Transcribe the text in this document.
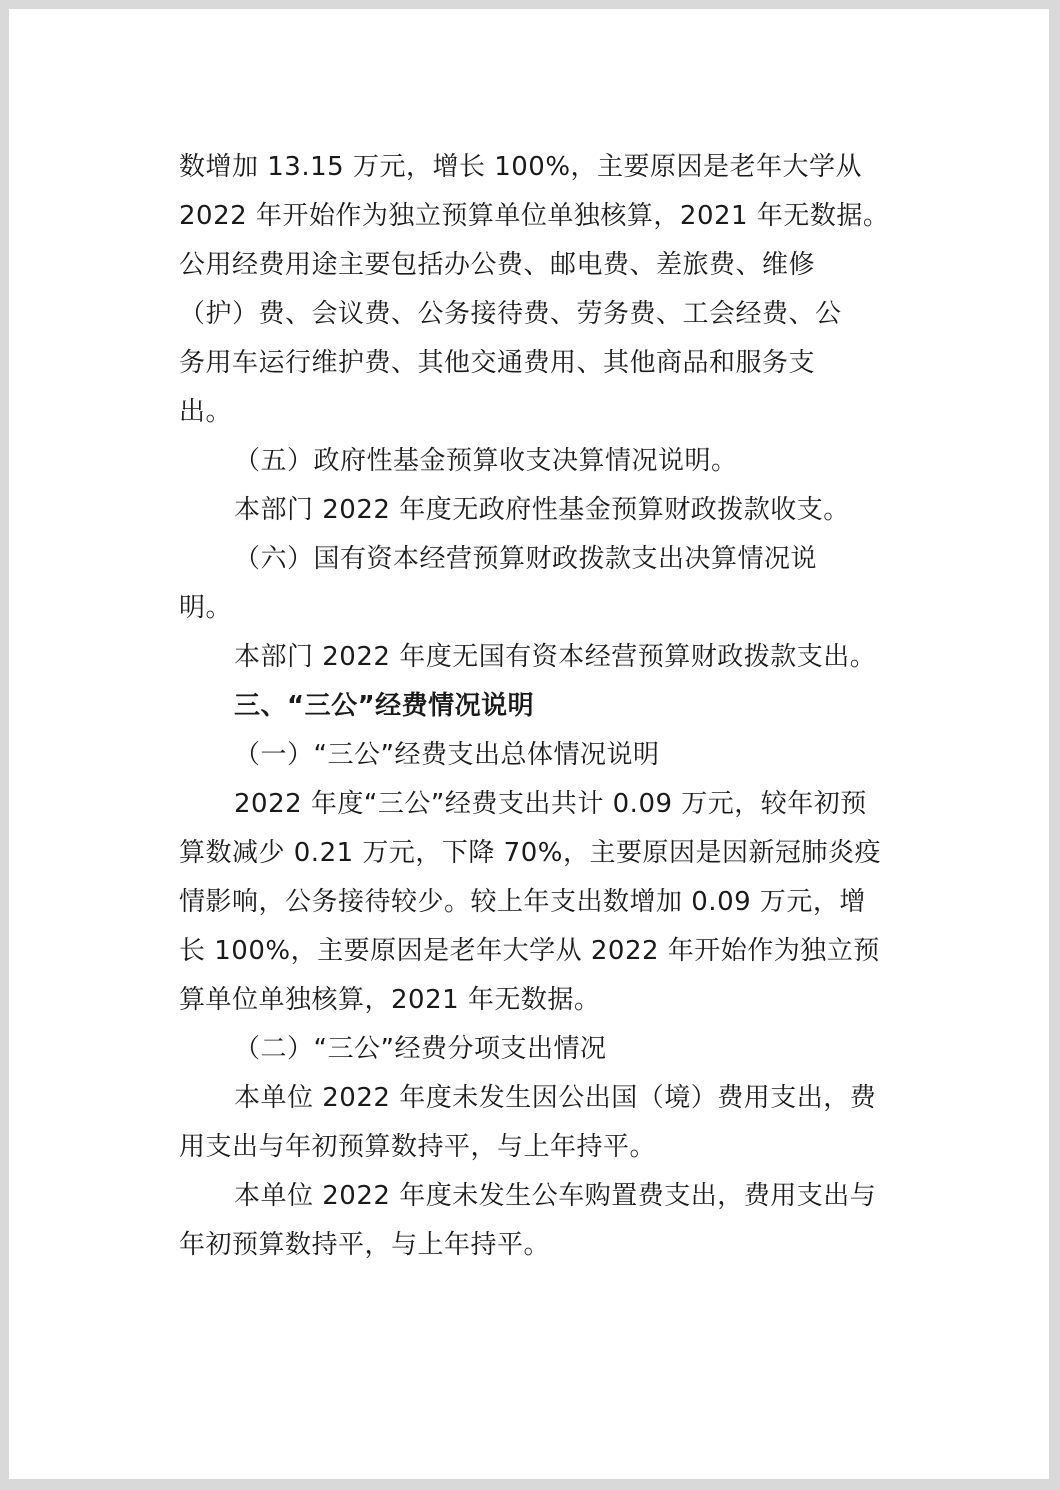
数增加 13.15 万元，增长 100%，主要原因是老年大学从
2022 年开始作为独立预算单位单独核算，2021 年无数据。
公用经费用途主要包括办公费、邮电费、差旅费、维修
（护）费、会议费、公务接待费、劳务费、工会经费、公
务用车运行维护费、其他交通费用、其他商品和服务支
出。
（五）政府性基金预算收支决算情况说明。
本部门 2022 年度无政府性基金预算财政拨款收支。
（六）国有资本经营预算财政拨款支出决算情况说
明。
本部门 2022 年度无国有资本经营预算财政拨款支出。
三、“三公”经费情况说明
（一）“三公”经费支出总体情况说明
2022 年度“三公”经费支出共计 0.09 万元，较年初预
算数减少 0.21 万元，下降 70%，主要原因是因新冠肺炎疫
情影响，公务接待较少。较上年支出数增加 0.09 万元，增
长 100%，主要原因是老年大学从 2022 年开始作为独立预
算单位单独核算，2021 年无数据。
（二）“三公”经费分项支出情况
本单位 2022 年度未发生因公出国（境）费用支出，费
用支出与年初预算数持平，与上年持平。
本单位 2022 年度未发生公车购置费支出，费用支出与
年初预算数持平，与上年持平。
